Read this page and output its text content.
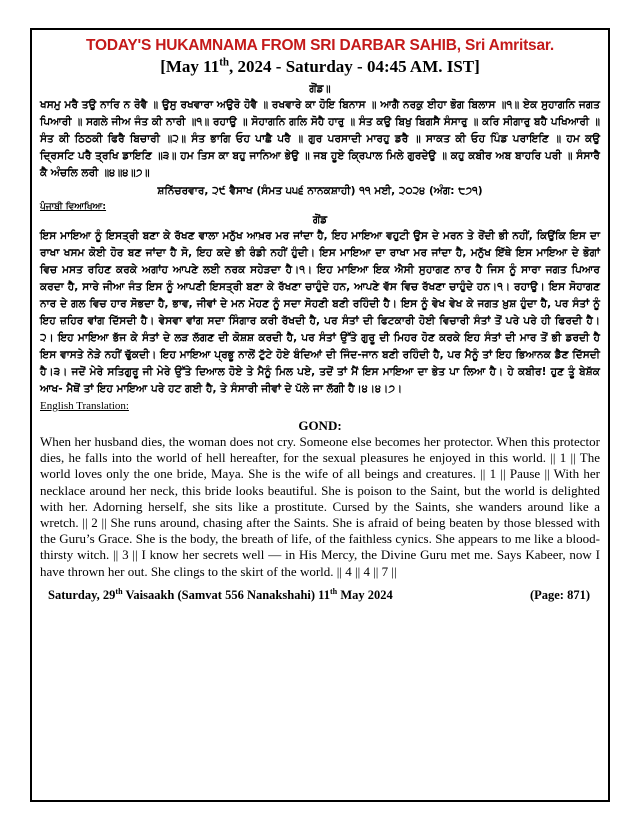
TODAY'S HUKAMNAMA FROM SRI DARBAR SAHIB, Sri Amritsar.
[May 11th, 2024 - Saturday - 04:45 AM. IST]
ਗੋਂਡ॥
ਖਸਮੁ ਮਰੈ ਤਉ ਨਾਰਿ ਨ ਰੋਵੈ ॥ ਉਸੁ ਰਖਵਾਰਾ ਅਉਰੋ ਹੋਵੈ ॥ ਰਖਵਾਰੇ ਕਾ ਹੋਇ ਬਿਨਾਸ ॥ ਆਗੈ ਨਰਕੁ ਈਹਾ ਭੋਗ ਬਿਲਾਸ ॥੧॥ ਏਕ ਸੁਹਾਗਨਿ ਜਗਤ ਪਿਆਰੀ ॥ ਸਗਲੇ ਜੀਅ ਜੰਤ ਕੀ ਨਾਰੀ ॥੧॥ ਰਹਾਉ ॥ ਸੋਹਾਗਨਿ ਗਲਿ ਸੋਹੈ ਹਾਰੁ ॥ ਸੰਤ ਕਉ ਬਿਖੁ ਬਿਗਸੈ ਸੰਸਾਰੁ ॥ ਕਰਿ ਸੀਗਾਰੁ ਬਹੈ ਪਖਿਆਰੀ ॥ ਸੰਤ ਕੀ ਠਿਠਕੀ ਫਿਰੈ ਬਿਚਾਰੀ ॥੨॥ ਸੰਤ ਭਾਗਿ ਓਹ ਪਾਛੈ ਪਰੈ ॥ ਗੁਰ ਪਰਸਾਦੀ ਮਾਰਹੁ ਡਰੈ ॥ ਸਾਕਤ ਕੀ ਓਹ ਪਿੰਡ ਪਰਾਇਣਿ ॥ ਹਮ ਕਉ ਦ੍ਰਿਸਟਿ ਪਰੈ ਤ੍ਰਖਿ ਡਾਇਣਿ ॥੩॥ ਹਮ ਤਿਸ ਕਾ ਬਹੁ ਜਾਨਿਆ ਭੇਉ ॥ ਜਬ ਹੂਏ ਕ੍ਰਿਪਾਲ ਮਿਲੇ ਗੁਰਦੇਉ ॥ ਕਹੁ ਕਬੀਰ ਅਬ ਬਾਹਰਿ ਪਰੀ ॥ ਸੰਸਾਰੈ ਕੈ ਅੰਚਲਿ ਲਰੀ ॥੪॥੪॥੭॥
ਸ਼ਨਿੱਚਰਵਾਰ, ੨੯ ਵੈਸਾਖ (ਸੰਮਤ ੫੫੬ ਨਾਨਕਸ਼ਾਹੀ) ੧੧ ਮਈ, ੨੦੨੪ (ਅੰਗ: ੮੭੧)
ਪੰਜਾਬੀ ਵਿਆਖਿਆ:
ਗੋਂਡ
ਇਸ ਮਾਇਆ ਨੂੰ ਇਸਤ੍ਰੀ ਬਣਾ ਕੇ ਰੱਖਣ ਵਾਲਾ ਮਨੁੱਖ ਆਖ਼ਰ ਮਰ ਜਾਂਦਾ ਹੈ, ਇਹ ਮਾਇਆ ਵਹੁਟੀ ਉਸ ਦੇ ਮਰਨ ਤੇ ਰੋਂਦੀ ਭੀ ਨਹੀਂ, ਕਿਉਂਕਿ ਇਸ ਦਾ ਰਾਖਾ ਖਸਮ ਕੋਈ ਹੋਰ ਬਣ ਜਾਂਦਾ ਹੈ ਸੋ, ਇਹ ਕਦੇ ਭੀ ਰੰਡੀ ਨਹੀਂ ਹੁੰਦੀ। ਇਸ ਮਾਇਆ ਦਾ ਰਾਖਾ ਮਰ ਜਾਂਦਾ ਹੈ, ਮਨੁੱਖ ਇੱਥੇ ਇਸ ਮਾਇਆ ਦੇ ਭੋਗਾਂ ਵਿਚ ਮਸਤ ਰਹਿਣ ਕਰਕੇ ਅਗਾਂਹ ਆਪਣੇ ਲਈ ਨਰਕ ਸਹੇੜਦਾ ਹੈ।੧। ਇਹ ਮਾਇਆ ਇਕ ਐਸੀ ਸੁਹਾਗਣ ਨਾਰ ਹੈ ਜਿਸ ਨੂੰ ਸਾਰਾ ਜਗਤ ਪਿਆਰ ਕਰਦਾ ਹੈ, ਸਾਰੇ ਜੀਆ ਜੰਤ ਇਸ ਨੂੰ ਆਪਣੀ ਇਸਤ੍ਰੀ ਬਣਾ ਕੇ ਰੱਖਣਾ ਚਾਹੁੰਦੇ ਹਨ, ਆਪਣੇ ਵੱਸ ਵਿਚ ਰੱਖਣਾ ਚਾਹੁੰਦੇ ਹਨ।੧। ਰਹਾਉ। ਇਸ ਸੋਹਾਗਣ ਨਾਰ ਦੇ ਗਲ ਵਿਚ ਹਾਰ ਸੋਭਦਾ ਹੈ, ਭਾਵ, ਜੀਵਾਂ ਦੇ ਮਨ ਮੋਹਣ ਨੂੰ ਸਦਾ ਸੋਹਣੀ ਬਣੀ ਰਹਿੰਦੀ ਹੈ। ਇਸ ਨੂੰ ਵੇਖ ਵੇਖ ਕੇ ਜਗਤ ਖ਼ੁਸ਼ ਹੁੰਦਾ ਹੈ, ਪਰ ਸੰਤਾਂ ਨੂੰ ਇਹ ਜ਼ਹਿਰ ਵਾਂਗ ਦਿੱਸਦੀ ਹੈ। ਵੇਸਵਾ ਵਾਂਗ ਸਦਾ ਸਿੰਗਾਰ ਕਰੀ ਰੱਖਦੀ ਹੈ, ਪਰ ਸੰਤਾਂ ਦੀ ਫਿਟਕਾਰੀ ਹੋਈ ਵਿਚਾਰੀ ਸੰਤਾਂ ਤੋਂ ਪਰੇ ਪਰੇ ਹੀ ਫਿਰਦੀ ਹੈ।੨। ਇਹ ਮਾਇਆ ਭੱਜ ਕੇ ਸੰਤਾਂ ਦੇ ਲੜ ਲੱਗਣ ਦੀ ਕੋਸ਼ਸ਼ ਕਰਦੀ ਹੈ, ਪਰ ਸੰਤਾਂ ਉੱਤੇ ਗੁਰੂ ਦੀ ਮਿਹਰ ਹੋਣ ਕਰਕੇ ਇਹ ਸੰਤਾਂ ਦੀ ਮਾਰ ਤੋਂ ਭੀ ਡਰਦੀ ਹੈ ਇਸ ਵਾਸਤੇ ਨੇੜੇ ਨਹੀਂ ਢੁੱਕਦੀ। ਇਹ ਮਾਇਆ ਪ੍ਰਭੂ ਨਾਲੋਂ ਟੁੱਟੇ ਹੋਏ ਬੰਦਿਆਂ ਦੀ ਜਿੰਦ-ਜਾਨ ਬਣੀ ਰਹਿੰਦੀ ਹੈ, ਪਰ ਮੈਨੂੰ ਤਾਂ ਇਹ ਭਿਆਨਕ ਡੈਣ ਦਿੱਸਦੀ ਹੈ।੩। ਜਦੋਂ ਮੇਰੇ ਸਤਿਗੁਰੂ ਜੀ ਮੇਰੇ ਉੱਤੇ ਦਿਆਲ ਹੋਏ ਤੇ ਮੈਨੂੰ ਮਿਲ ਪਏ, ਤਦੋਂ ਤਾਂ ਮੈਂ ਇਸ ਮਾਇਆ ਦਾ ਭੇਤ ਪਾ ਲਿਆ ਹੈ। ਹੇ ਕਬੀਰ! ਹੁਣ ਤੂੰ ਬੇਸ਼ੱਕ ਆਖ- ਮੈਥੋਂ ਤਾਂ ਇਹ ਮਾਇਆ ਪਰੇ ਹਟ ਗਈ ਹੈ, ਤੇ ਸੰਸਾਰੀ ਜੀਵਾਂ ਦੇ ਪੱਲੇ ਜਾ ਲੱਗੀ ਹੈ।੪।੪।੭।
English Translation:
GOND:
When her husband dies, the woman does not cry. Someone else becomes her protector. When this protector dies, he falls into the world of hell hereafter, for the sexual pleasures he enjoyed in this world. || 1 || The world loves only the one bride, Maya. She is the wife of all beings and creatures. || 1 || Pause || With her necklace around her neck, this bride looks beautiful. She is poison to the Saint, but the world is delighted with her. Adorning herself, she sits like a prostitute. Cursed by the Saints, she wanders around like a wretch. || 2 || She runs around, chasing after the Saints. She is afraid of being beaten by those blessed with the Guru’s Grace. She is the body, the breath of life, of the faithless cynics. She appears to me like a blood-thirsty witch. || 3 || I know her secrets well — in His Mercy, the Divine Guru met me. Says Kabeer, now I have thrown her out. She clings to the skirt of the world. || 4 || 4 || 7 ||
Saturday, 29th Vaisaakh (Samvat 556 Nanakshahi) 11th May 2024	(Page: 871)
